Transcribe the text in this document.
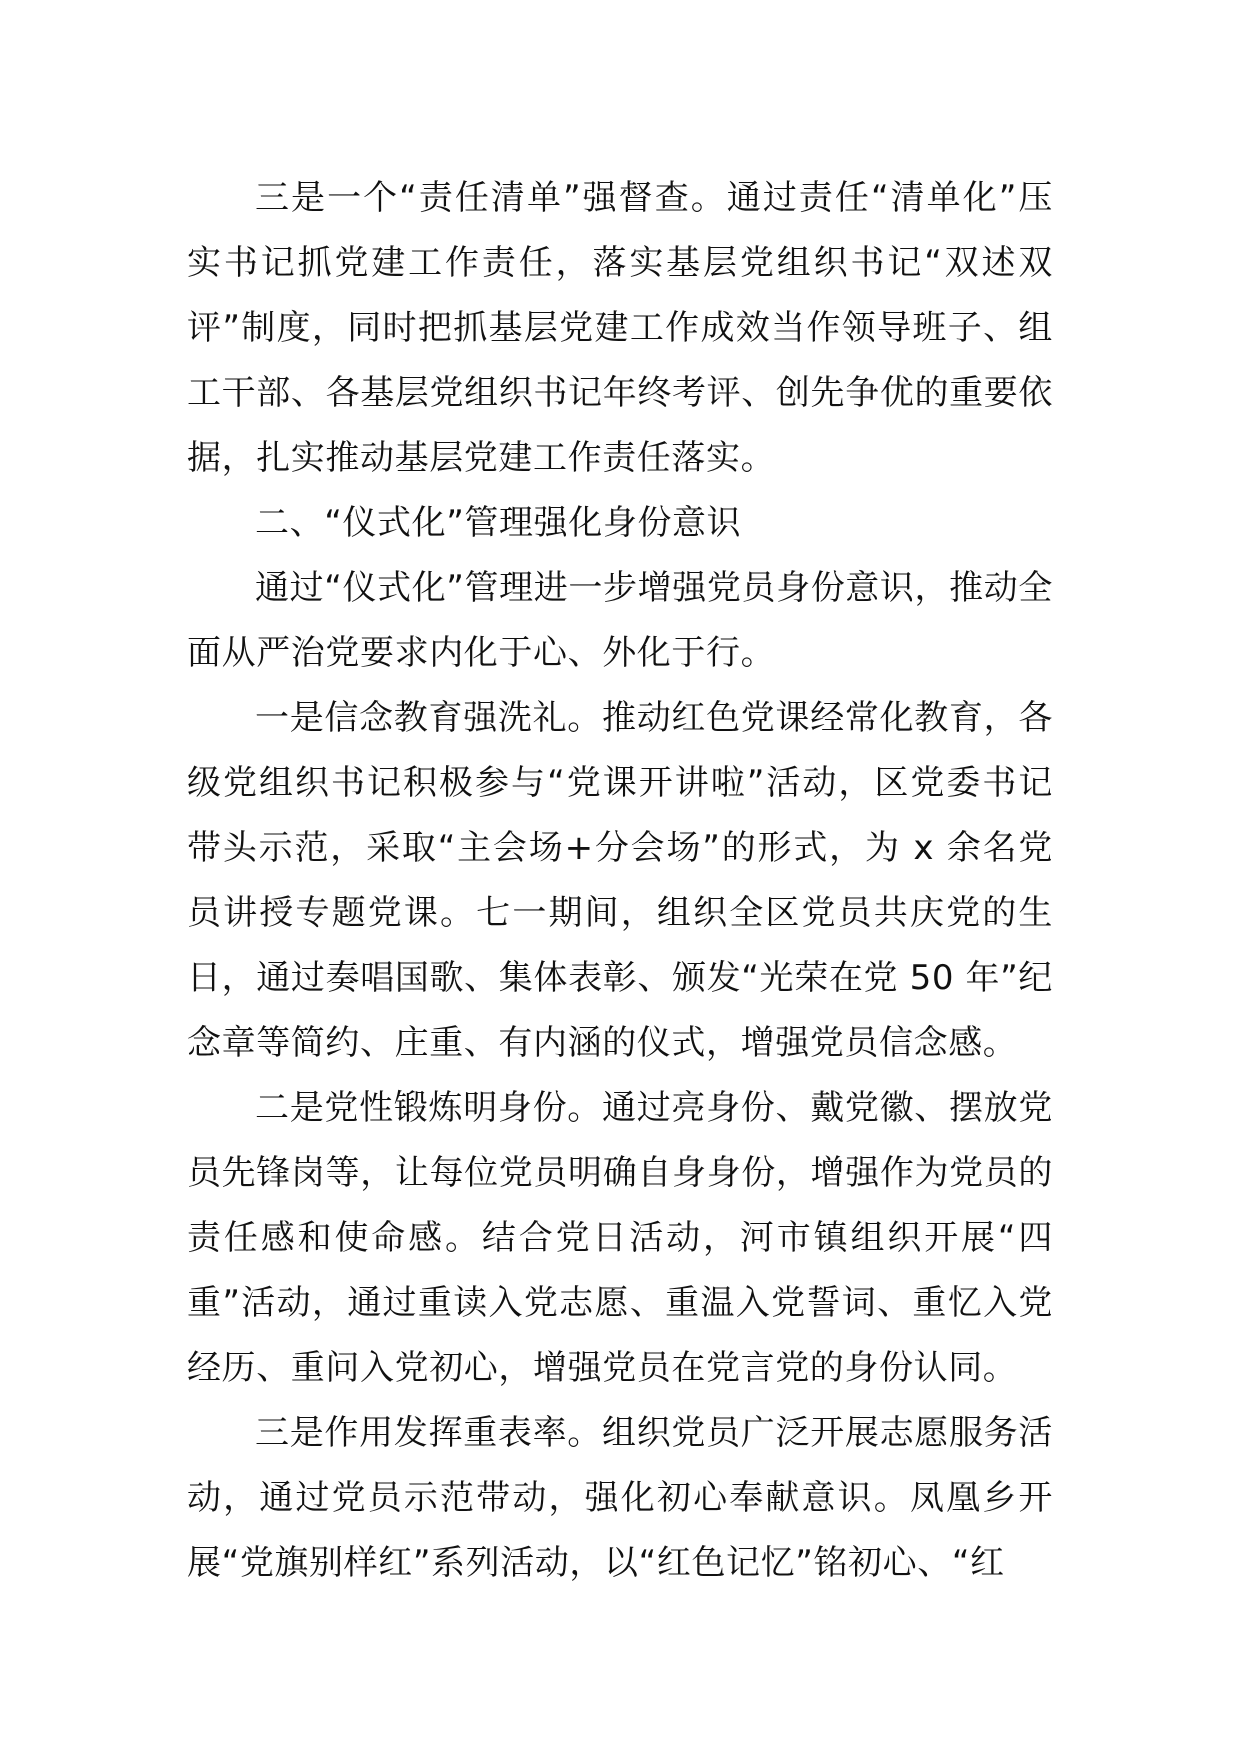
三是一个“责任清单”强督查。通过责任“清单化”压实书记抓党建工作责任，落实基层党组织书记“双述双评”制度，同时把抓基层党建工作成效当作领导班子、组工干部、各基层党组织书记年终考评、创先争优的重要依据，扎实推动基层党建工作责任落实。

二、“仪式化”管理强化身份意识

通过“仪式化”管理进一步增强党员身份意识，推动全面从严治党要求内化于心、外化于行。

一是信念教育强洗礼。推动红色党课经常化教育，各级党组织书记积极参与“党课开讲啦”活动，区党委书记带头示范，采取“主会场+分会场”的形式，为 x 余名党员讲授专题党课。七一期间，组织全区党员共庆党的生日，通过奏唱国歌、集体表彰、颁发“光荣在党 50 年”纪念章等简约、庄重、有内涵的仪式，增强党员信念感。

二是党性锻炼明身份。通过亮身份、戴党徽、摆放党员先锋岗等，让每位党员明确自身身份，增强作为党员的责任感和使命感。结合党日活动，河市镇组织开展“四重”活动，通过重读入党志愿、重温入党誓词、重忆入党经历、重问入党初心，增强党员在党言党的身份认同。

三是作用发挥重表率。组织党员广泛开展志愿服务活动，通过党员示范带动，强化初心奉献意识。凤凰乡开展“党旗别样红”系列活动，以“红色记忆”铭初心、“红
